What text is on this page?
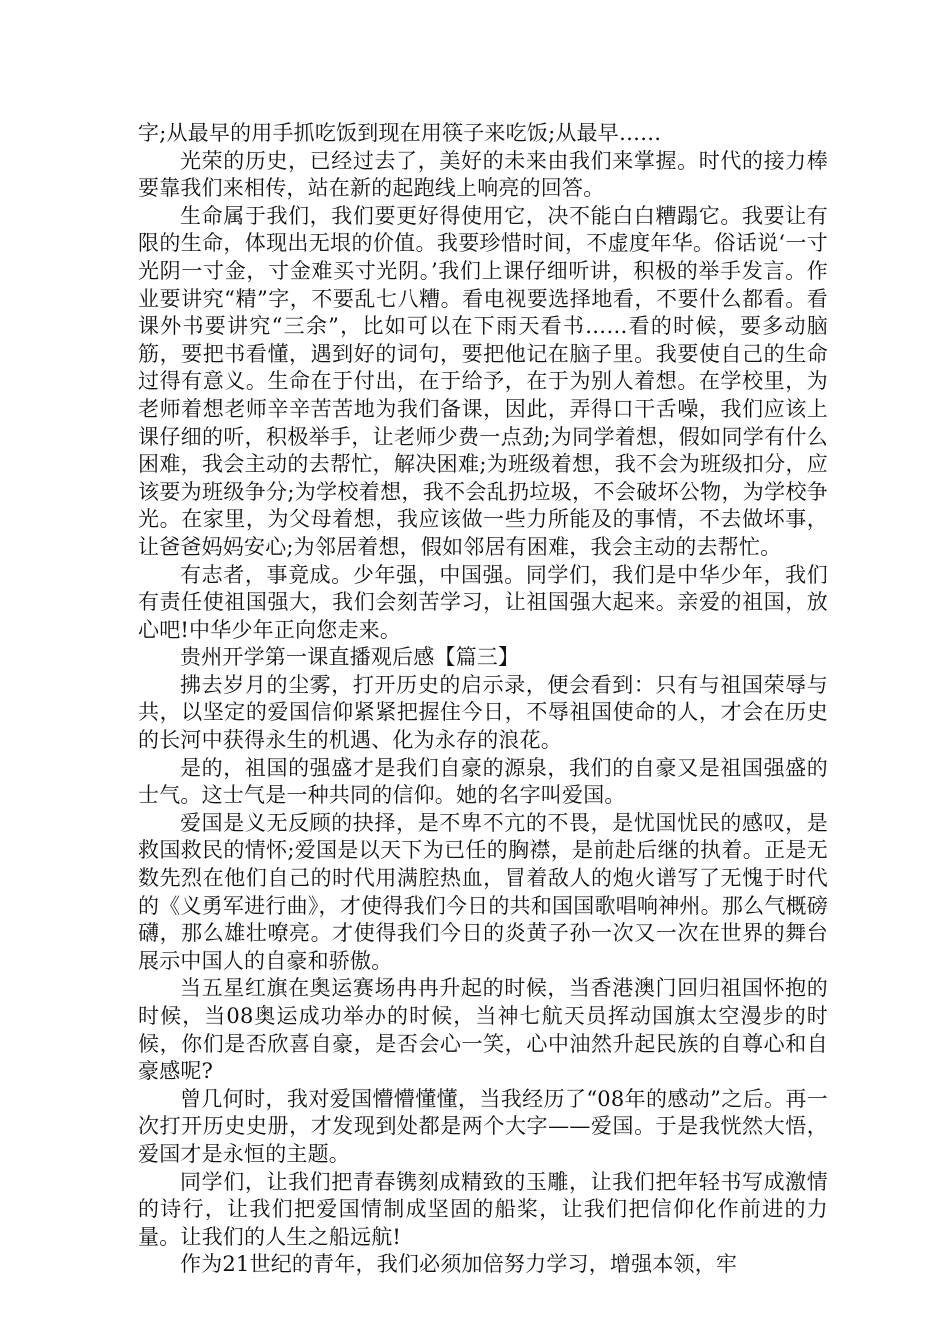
字;从最早的用手抓吃饭到现在用筷子来吃饭;从最早……

光荣的历史，已经过去了，美好的未来由我们来掌握。时代的接力棒要靠我们来相传，站在新的起跑线上响亮的回答。

生命属于我们，我们要更好得使用它，决不能白白糟蹋它。我要让有限的生命，体现出无垠的价值。我要珍惜时间，不虚度年华。俗话说‘一寸光阴一寸金，寸金难买寸光阴。’我们上课仔细听讲，积极的举手发言。作业要讲究“精”字，不要乱七八糟。看电视要选择地看，不要什么都看。看课外书要讲究“三余”，比如可以在下雨天看书……看的时候，要多动脑筋，要把书看懂，遇到好的词句，要把他记在脑子里。我要使自己的生命过得有意义。生命在于付出，在于给予，在于为别人着想。在学校里，为老师着想老师辛辛苦苦地为我们备课，因此，弄得口干舌噪，我们应该上课仔细的听，积极举手，让老师少费一点劲;为同学着想，假如同学有什么困难，我会主动的去帮忙，解决困难;为班级着想，我不会为班级扣分，应该要为班级争分;为学校着想，我不会乱扔垃圾，不会破坏公物，为学校争光。在家里，为父母着想，我应该做一些力所能及的事情，不去做坏事，让爸爸妈妈安心;为邻居着想，假如邻居有困难，我会主动的去帮忙。

有志者，事竟成。少年强，中国强。同学们，我们是中华少年，我们有责任使祖国强大，我们会刻苦学习，让祖国强大起来。亲爱的祖国，放心吧!中华少年正向您走来。

贵州开学第一课直播观后感【篇三】

拂去岁月的尘雾，打开历史的启示录，便会看到：只有与祖国荣辱与共，以坚定的爱国信仰紧紧把握住今日，不辱祖国使命的人，才会在历史的长河中获得永生的机遇、化为永存的浪花。

是的，祖国的强盛才是我们自豪的源泉，我们的自豪又是祖国强盛的士气。这士气是一种共同的信仰。她的名字叫爱国。

爱国是义无反顾的抉择，是不卑不亢的不畏，是忧国忧民的感叹，是救国救民的情怀;爱国是以天下为已任的胸襟，是前赴后继的执着。正是无数先烈在他们自己的时代用满腔热血，冒着敌人的炮火谱写了无愧于时代的《义勇军进行曲》，才使得我们今日的共和国国歌唱响神州。那么气概磅礴，那么雄壮嘹亮。才使得我们今日的炎黄子孙一次又一次在世界的舞台展示中国人的自豪和骄傲。

当五星红旗在奥运赛场冉冉升起的时候，当香港澳门回归祖国怀抱的时候，当08奥运成功举办的时候，当神七航天员挥动国旗太空漫步的时候，你们是否欣喜自豪，是否会心一笑，心中油然升起民族的自尊心和自豪感呢?

曾几何时，我对爱国懵懵懂懂，当我经历了“08年的感动”之后。再一次打开历史史册，才发现到处都是两个大字——爱国。于是我恍然大悟，爱国才是永恒的主题。

同学们，让我们把青春镌刻成精致的玉雕，让我们把年轻书写成激情的诗行，让我们把爱国情制成坚固的船桨，让我们把信仰化作前进的力量。让我们的人生之船远航!

作为21世纪的青年，我们必须加倍努力学习，增强本领，牢
